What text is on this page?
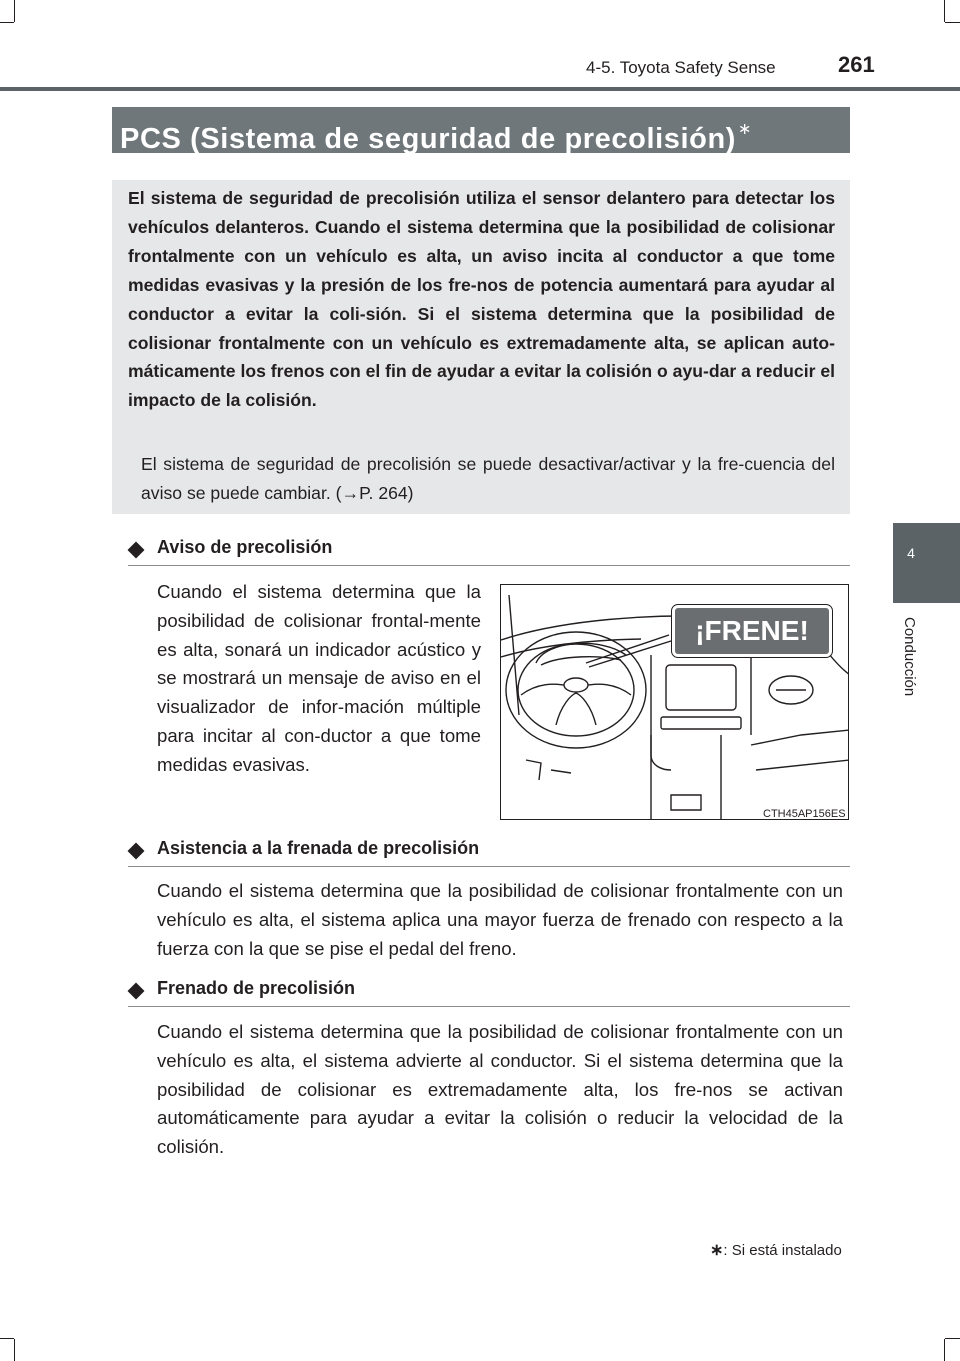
4-5. Toyota Safety Sense	261
PCS (Sistema de seguridad de precolisión) ∗
El sistema de seguridad de precolisión utiliza el sensor delantero para detectar los vehículos delanteros. Cuando el sistema determina que la posibilidad de colisionar frontalmente con un vehículo es alta, un aviso incita al conductor a que tome medidas evasivas y la presión de los fre-nos de potencia aumentará para ayudar al conductor a evitar la coli-sión. Si el sistema determina que la posibilidad de colisionar frontalmente con un vehículo es extremadamente alta, se aplican auto-máticamente los frenos con el fin de ayudar a evitar la colisión o ayu-dar a reducir el impacto de la colisión.
El sistema de seguridad de precolisión se puede desactivar/activar y la fre-cuencia del aviso se puede cambiar. (→P. 264)
Aviso de precolisión
Cuando el sistema determina que la posibilidad de colisionar frontal-mente es alta, sonará un indicador acústico y se mostrará un mensaje de aviso en el visualizador de infor-mación múltiple para incitar al con-ductor a que tome medidas evasivas.
¡FRENE!
CTH45AP156ES
Asistencia a la frenada de precolisión
Cuando el sistema determina que la posibilidad de colisionar frontalmente con un vehículo es alta, el sistema aplica una mayor fuerza de frenado con respecto a la fuerza con la que se pise el pedal del freno.
Frenado de precolisión
Cuando el sistema determina que la posibilidad de colisionar frontalmente con un vehículo es alta, el sistema advierte al conductor. Si el sistema determina que la posibilidad de colisionar es extremadamente alta, los fre-nos se activan automáticamente para ayudar a evitar la colisión o reducir la velocidad de la colisión.
4
Conducción
∗: Si está instalado
